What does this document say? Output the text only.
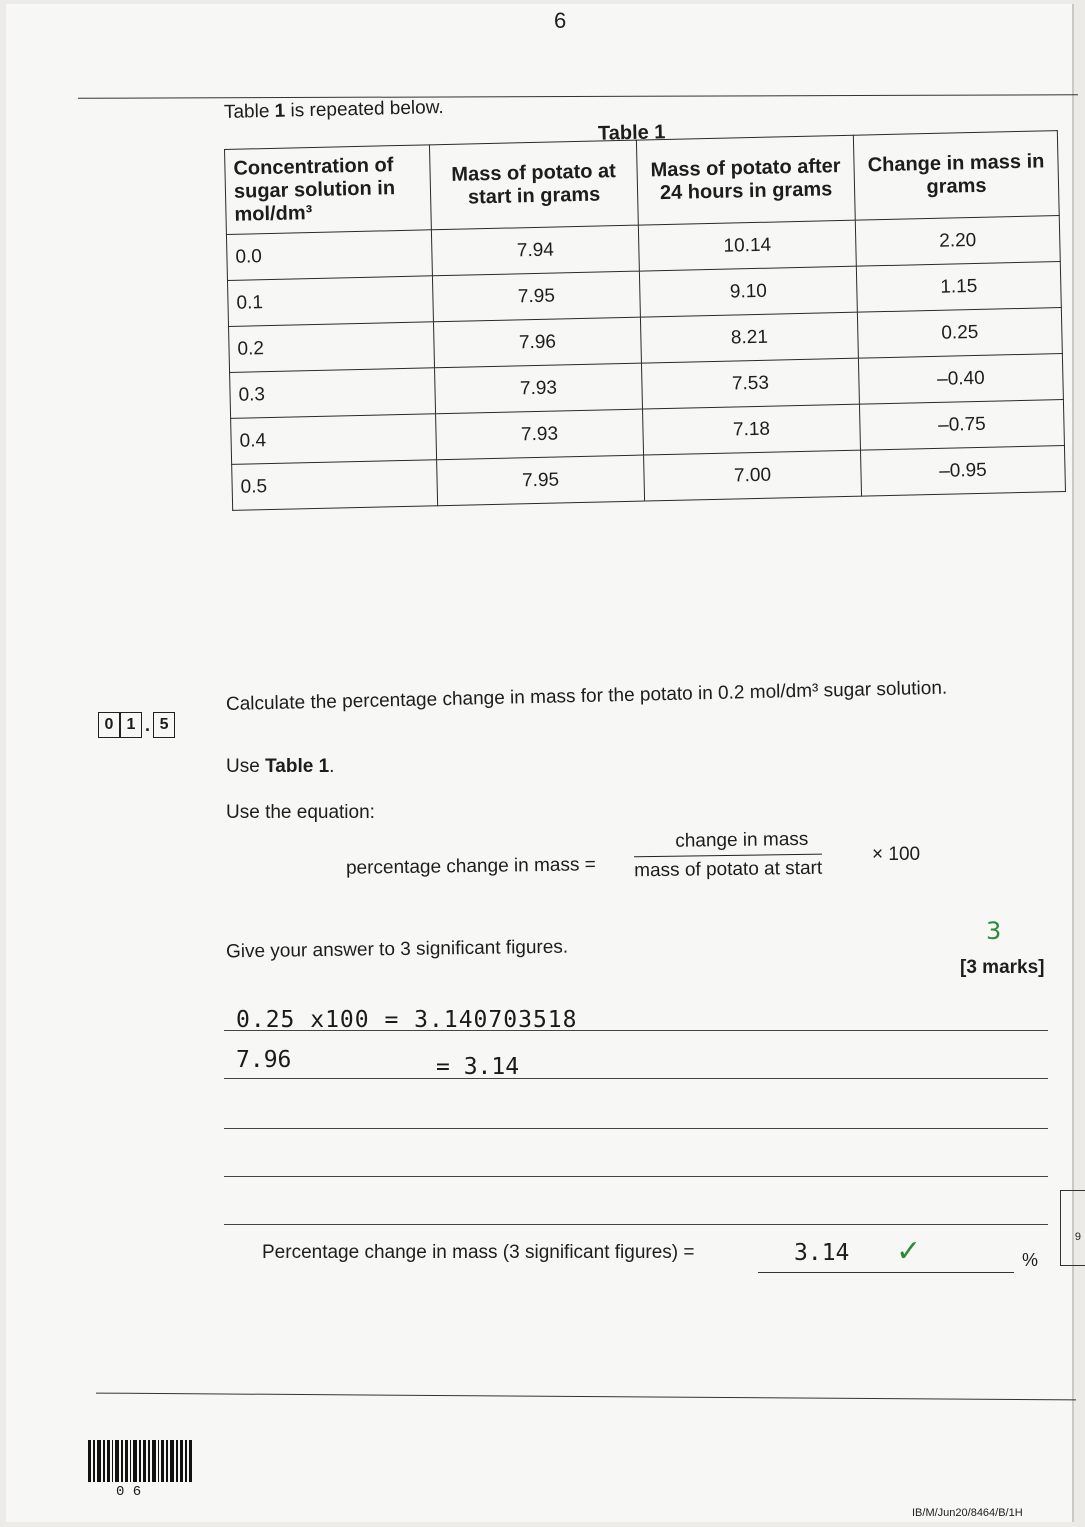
6
Table 1 is repeated below.
Table 1
Concentration of sugar solution in mol/dm³	Mass of potato at start in grams	Mass of potato after 24 hours in grams	Change in mass in grams
0.0	7.94	10.14	2.20
0.1	7.95	9.10	1.15
0.2	7.96	8.21	0.25
0.3	7.93	7.53	–0.40
0.4	7.93	7.18	–0.75
0.5	7.95	7.00	–0.95
0 1 . 5
Calculate the percentage change in mass for the potato in 0.2 mol/dm³ sugar solution.
Use Table 1.
Use the equation:
percentage change in mass =
change in mass
mass of potato at start
× 100
Give your answer to 3 significant figures.
3
[3 marks]
0.25 x100 = 3.140703518
7.96	= 3.14
Percentage change in mass (3 significant figures) =	3.14 ✓	%
9
0 6
IB/M/Jun20/8464/B/1H
